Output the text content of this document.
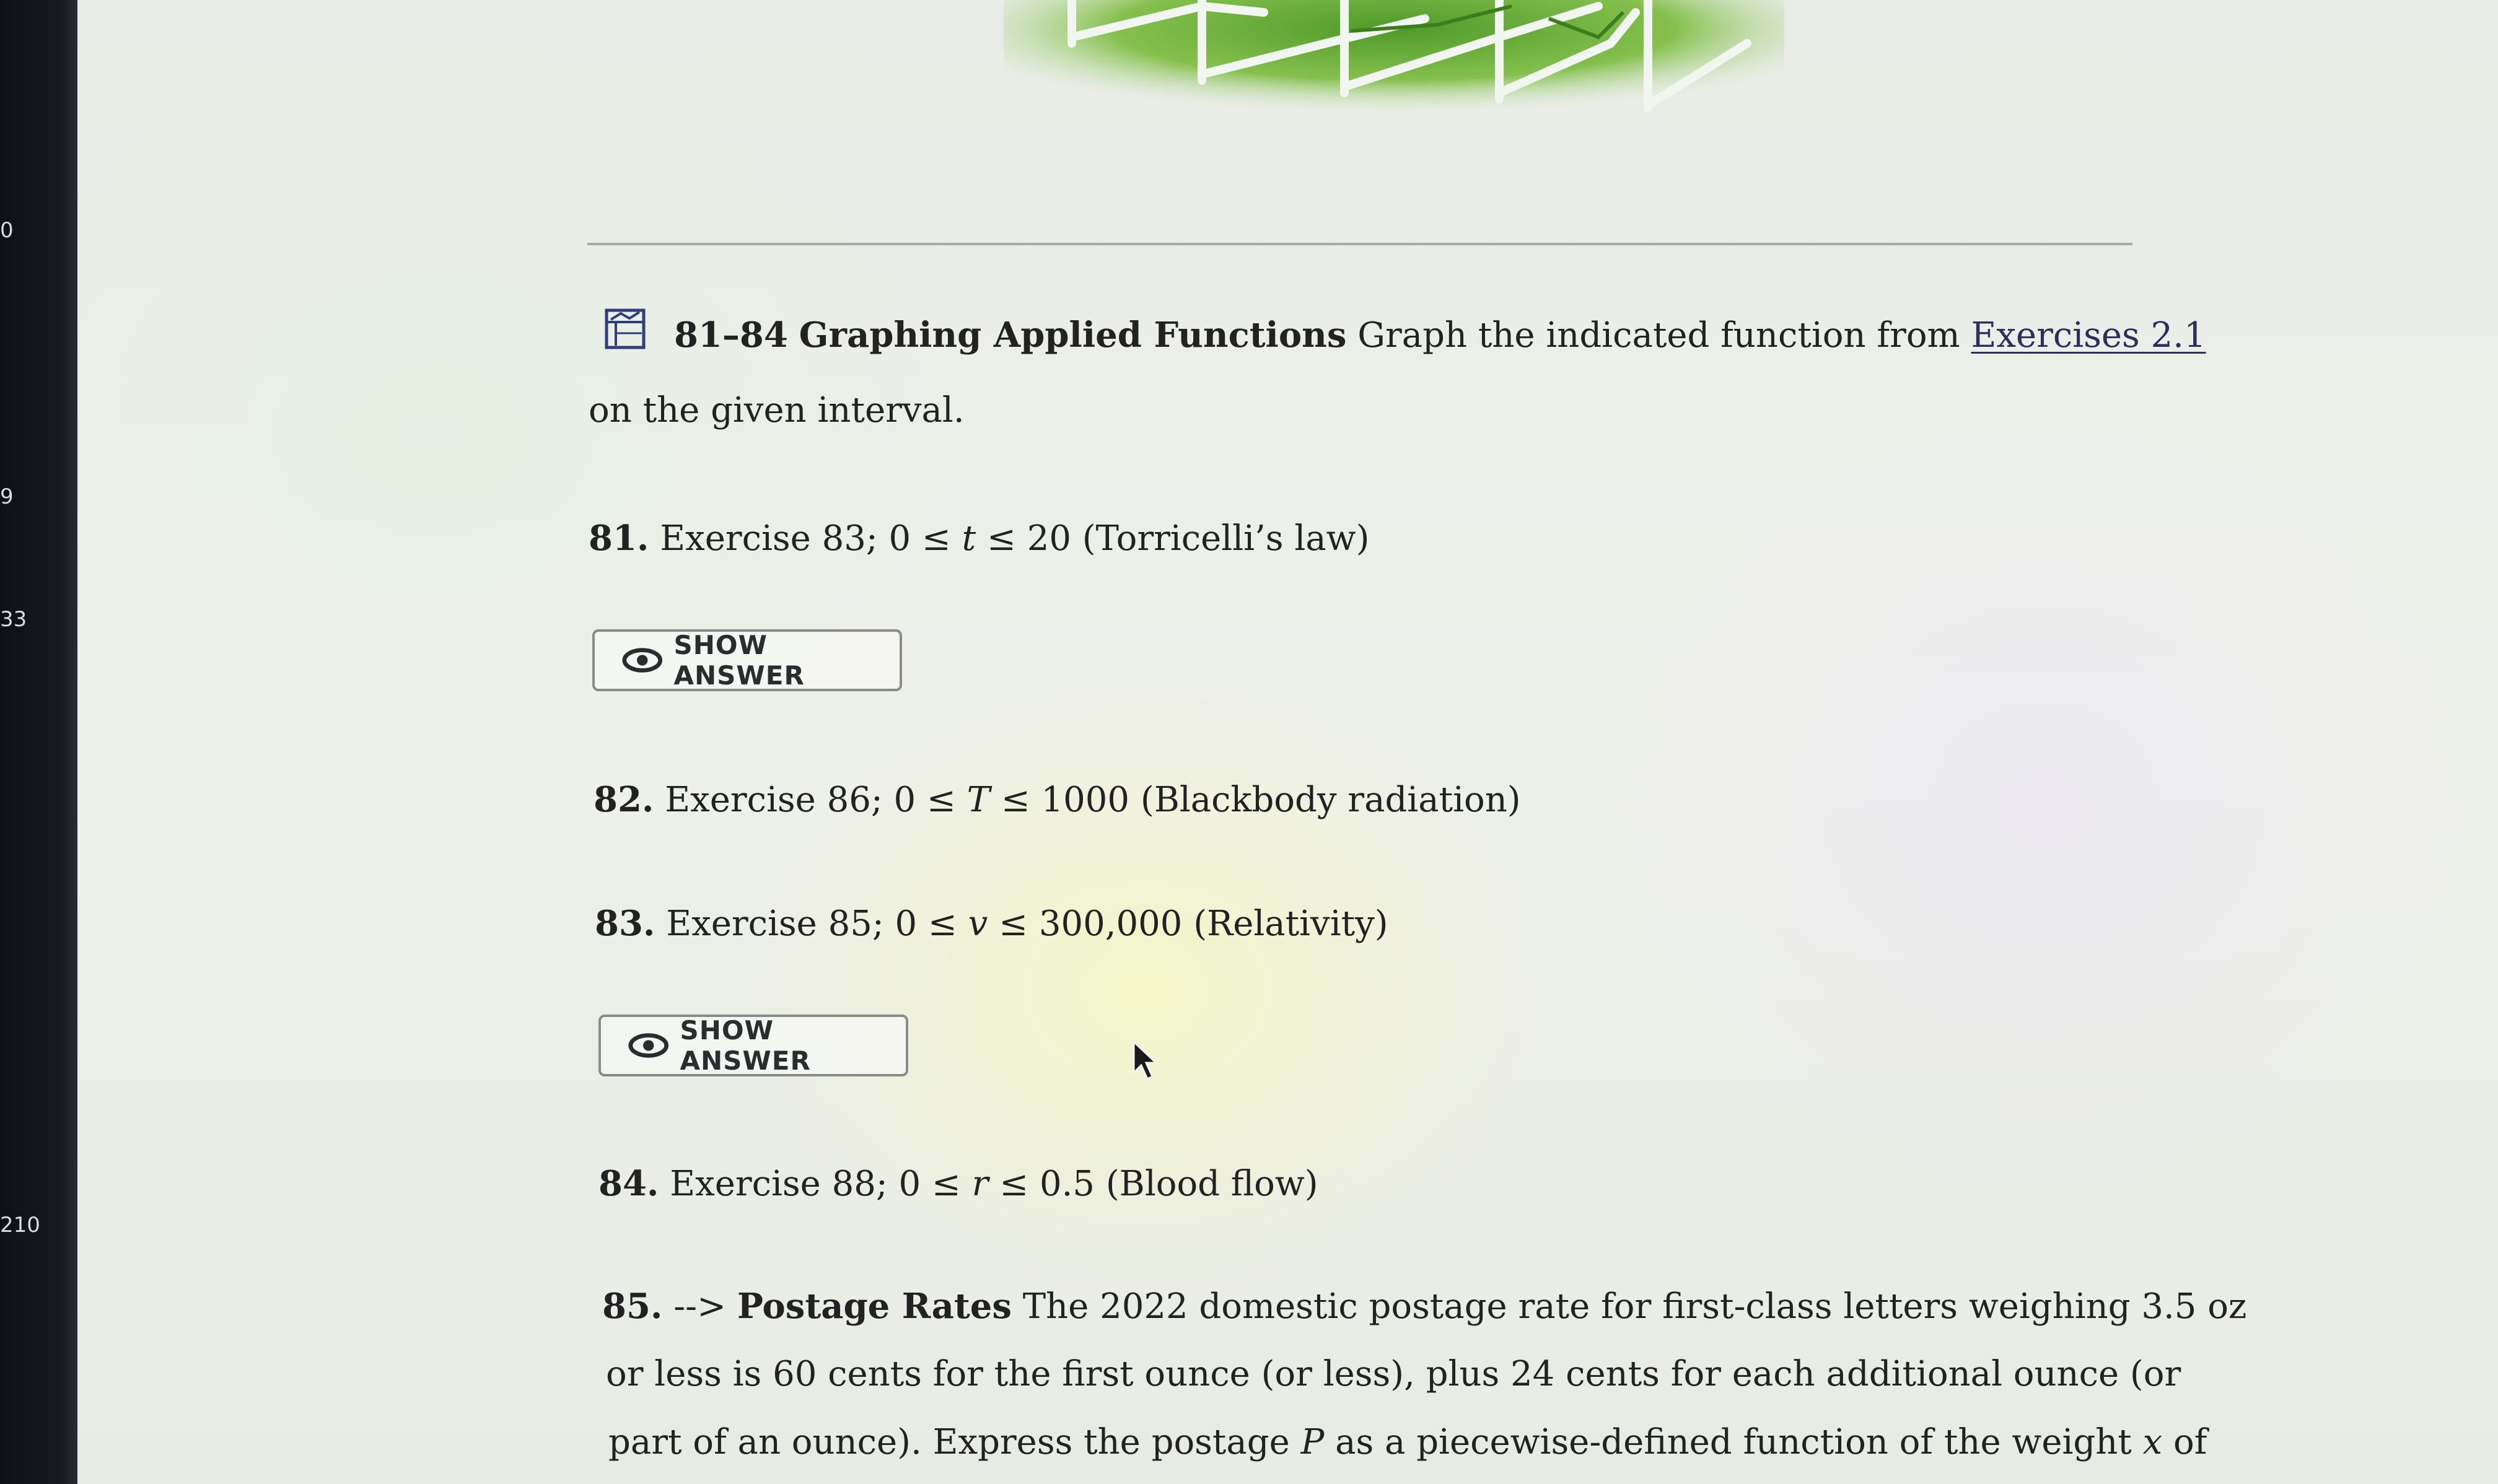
0
9
33
210
81–84 Graphing Applied Functions Graph the indicated function from Exercises 2.1
on the given interval.
81. Exercise 83; 0 ≤ t ≤ 20 (Torricelli’s law)
SHOW ANSWER
82. Exercise 86; 0 ≤ T ≤ 1000 (Blackbody radiation)
83. Exercise 85; 0 ≤ v ≤ 300,000 (Relativity)
SHOW ANSWER
84. Exercise 88; 0 ≤ r ≤ 0.5 (Blood flow)
85. --> Postage Rates The 2022 domestic postage rate for first-class letters weighing 3.5 oz
or less is 60 cents for the first ounce (or less), plus 24 cents for each additional ounce (or
part of an ounce). Express the postage P as a piecewise-defined function of the weight x of
